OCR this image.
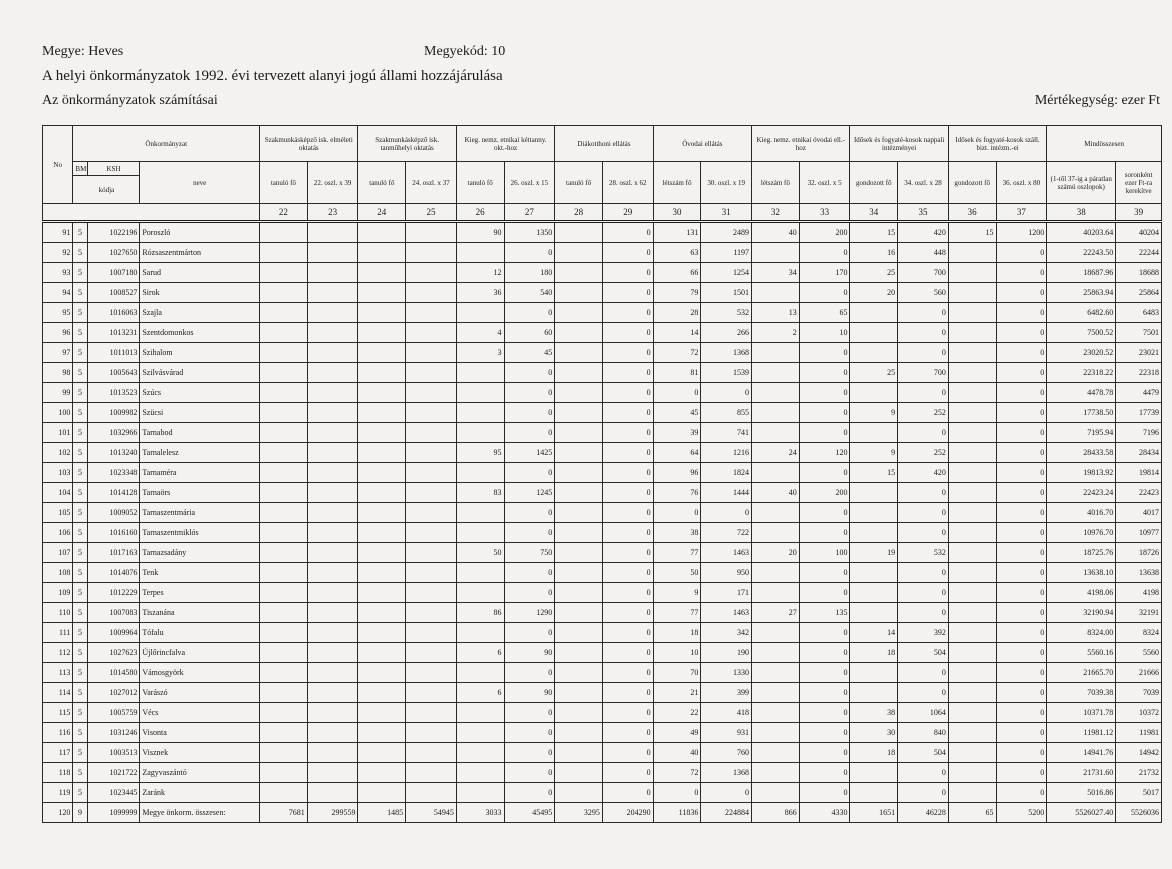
Megye: Heves	Megyekód: 10
A helyi önkormányzatok 1992. évi tervezett alanyi jogú állami hozzájárulása
Az önkormányzatok számításai	Mértékegység: ezer Ft
No	Önkormányzat			Szakmunkásképző isk. elméleti oktatás		Szakmunkásképző isk. tanműhelyi oktatás		Kieg. nemz. etnikai kéttanny. okt.-hoz		Diákotthoni ellátás		Óvodai ellátás		Kieg. nemz. etnikai óvodai ell.-hoz		Idősek és fogyaté-kosok nappali intézményei		Idősek és fogyaté-kosok száll. bizt. intézm.-ei		Mindösszesen	
	BM	KSH	neve	tanuló fő	22. oszl. x 39	tanuló fő	24. oszl. x 37	tanuló fő	26. oszl. x 15	tanuló fő	28. oszl. x 62	létszám fő	30. oszl. x 19	létszám fő	32. oszl. x 5	gondozott fő	34. oszl. x 28	gondozott fő	36. oszl. x 80	(1-től 37-ig a páratlan számú oszlopok)	soronként ezer Ft-ra kerekítve
	kódja																				
				22	23	24	25	26	27	28	29	30	31	32	33	34	35	36	37	38	39
91	5	1022196	Poroszló					90	1350		0	131	2489	40	200	15	420	15	1200	40203.64	40204
92	5	1027650	Rózsaszentmárton						0		0	63	1197		0	16	448		0	22243.50	22244
93	5	1007180	Sarud					12	180		0	66	1254	34	170	25	700		0	18687.96	18688
94	5	1008527	Sirok					36	540		0	79	1501		0	20	560		0	25863.94	25864
95	5	1016063	Szajla						0		0	28	532	13	65		0		0	6482.60	6483
96	5	1013231	Szentdomonkos					4	60		0	14	266	2	10		0		0	7500.52	7501
97	5	1011013	Szihalom					3	45		0	72	1368		0		0		0	23020.52	23021
98	5	1005643	Szilvásvárad						0		0	81	1539		0	25	700		0	22318.22	22318
99	5	1013523	Szúcs						0		0	0	0		0		0		0	4478.78	4479
100	5	1009982	Szücsi						0		0	45	855		0	9	252		0	17738.50	17739
101	5	1032966	Tarnabod						0		0	39	741		0		0		0	7195.94	7196
102	5	1013240	Tarnalelesz					95	1425		0	64	1216	24	120	9	252		0	28433.58	28434
103	5	1023348	Tarnaméra						0		0	96	1824		0	15	420		0	19813.92	19814
104	5	1014128	Tarnaörs					83	1245		0	76	1444	40	200		0		0	22423.24	22423
105	5	1009052	Tarnaszentmária						0		0	0	0		0		0		0	4016.70	4017
106	5	1016160	Tarnaszentmiklós						0		0	38	722		0		0		0	10976.70	10977
107	5	1017163	Tarnazsadány					50	750		0	77	1463	20	100	19	532		0	18725.76	18726
108	5	1014076	Tenk						0		0	50	950		0		0		0	13638.10	13638
109	5	1012229	Terpes						0		0	9	171		0		0		0	4198.06	4198
110	5	1007083	Tiszanána					86	1290		0	77	1463	27	135		0		0	32190.94	32191
111	5	1009964	Tófalu						0		0	18	342		0	14	392		0	8324.00	8324
112	5	1027623	Újlőrincfalva					6	90		0	10	190		0	18	504		0	5560.16	5560
113	5	1014580	Vámosgyörk						0		0	70	1330		0		0		0	21665.70	21666
114	5	1027012	Varászó					6	90		0	21	399		0		0		0	7039.38	7039
115	5	1005759	Vécs						0		0	22	418		0	38	1064		0	10371.78	10372
116	5	1031246	Visonta						0		0	49	931		0	30	840		0	11981.12	11981
117	5	1003513	Visznek						0		0	40	760		0	18	504		0	14941.76	14942
118	5	1021722	Zagyvaszántó						0		0	72	1368		0		0		0	21731.60	21732
119	5	1023445	Zaránk						0		0	0	0		0		0		0	5016.86	5017
120	9	1099999	Megye önkorm. összesen:	7681	299559	1485	54945	3033	45495	3295	204290	11836	224884	866	4330	1651	46228	65	5200	5526027.40	5526036
